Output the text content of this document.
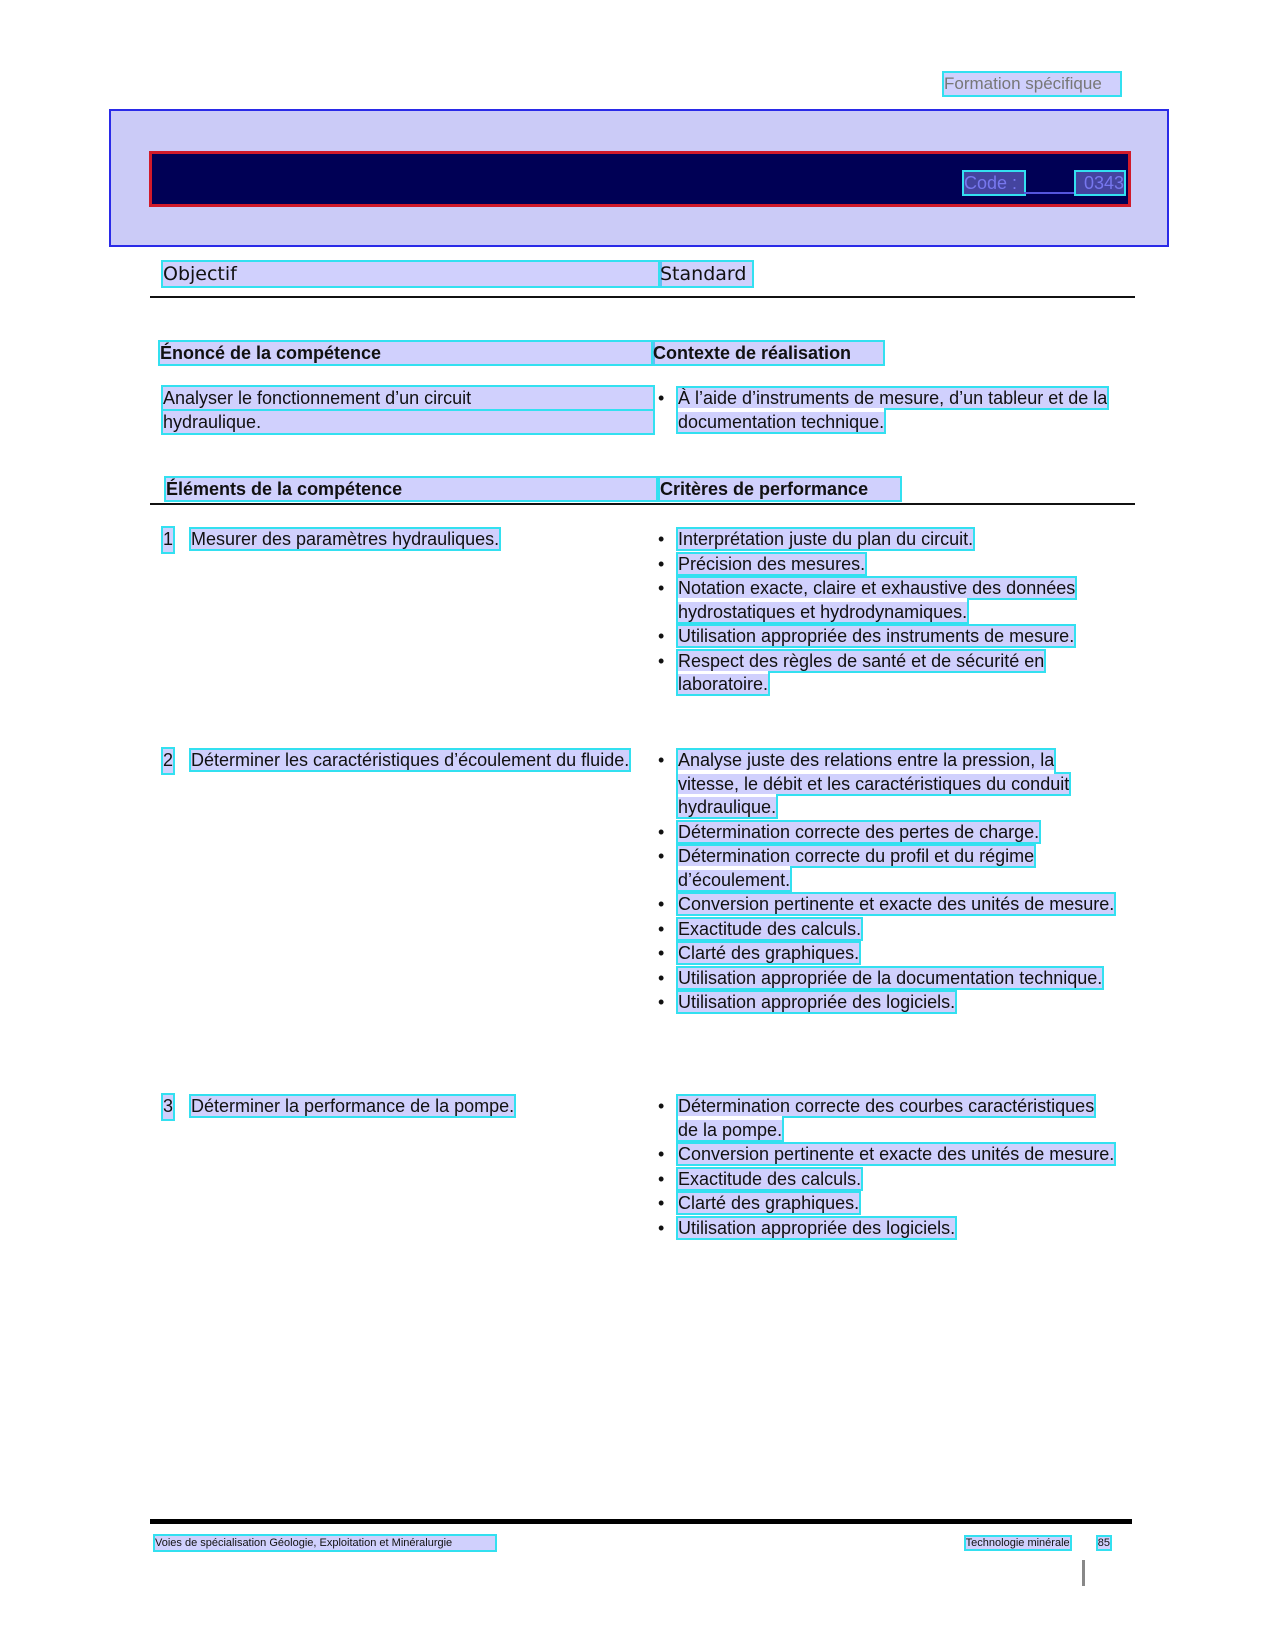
Formation spécifique
Code :	0343
Objectif	Standard
Énoncé de la compétence	Contexte de réalisation
Analyser le fonctionnement d’un circuit
hydraulique.
• À l’aide d’instruments de mesure, d’un tableur et de la documentation technique.
Éléments de la compétence	Critères de performance
1 Mesurer des paramètres hydrauliques.	• Interprétation juste du plan du circuit.
• Précision des mesures.
• Notation exacte, claire et exhaustive des données hydrostatiques et hydrodynamiques.
• Utilisation appropriée des instruments de mesure.
• Respect des règles de santé et de sécurité en laboratoire.
2 Déterminer les caractéristiques d’écoulement du fluide. • Analyse juste des relations entre la pression, la vitesse, le débit et les caractéristiques du conduit hydraulique.
• Détermination correcte des pertes de charge.
• Détermination correcte du profil et du régime d’écoulement.
• Conversion pertinente et exacte des unités de mesure.
• Exactitude des calculs.
• Clarté des graphiques.
• Utilisation appropriée de la documentation technique.
• Utilisation appropriée des logiciels.
3 Déterminer la performance de la pompe.	• Détermination correcte des courbes caractéristiques de la pompe.
• Conversion pertinente et exacte des unités de mesure.
• Exactitude des calculs.
• Clarté des graphiques.
• Utilisation appropriée des logiciels.
Voies de spécialisation Géologie, Exploitation et Minéralurgie	Technologie minérale	85
